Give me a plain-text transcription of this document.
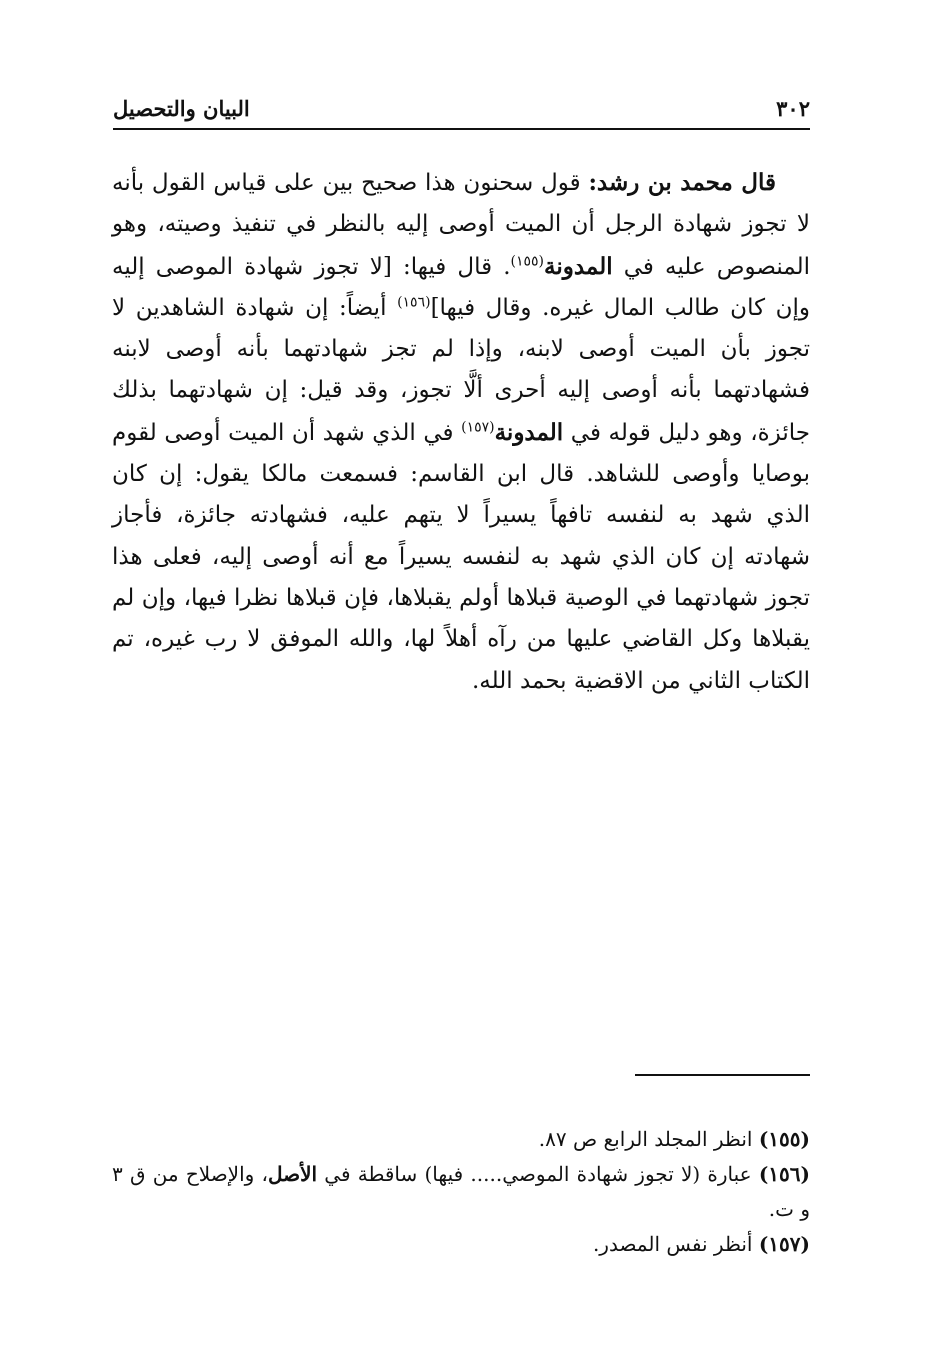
٣٠٢
البيان والتحصيل
قال محمد بن رشد: قول سحنون هذا صحيح بين على قياس القول بأنه لا تجوز شهادة الرجل أن الميت أوصى إليه بالنظر في تنفيذ وصيته، وهو المنصوص عليه في المدونة$^{(١٥٥)}$. قال فيها: [لا تجوز شهادة الموصى إليه وإن كان طالب المال غيره. وقال فيها]$^{(١٥٦)}$ أيضاً: إن شهادة الشاهدين لا تجوز بأن الميت أوصى لابنه، وإذا لم تجز شهادتهما بأنه أوصى لابنه فشهادتهما بأنه أوصى إليه أحرى ألَّا تجوز، وقد قيل: إن شهادتهما بذلك جائزة، وهو دليل قوله في المدونة$^{(١٥٧)}$ في الذي شهد أن الميت أوصى لقوم بوصايا وأوصى للشاهد. قال ابن القاسم: فسمعت مالكا يقول: إن كان الذي شهد به لنفسه تافهاً يسيراً لا يتهم عليه، فشهادته جائزة، فأجاز شهادته إن كان الذي شهد به لنفسه يسيراً مع أنه أوصى إليه، فعلى هذا تجوز شهادتهما في الوصية قبلاها أولم يقبلاها، فإن قبلاها نظرا فيها، وإن لم يقبلاها وكل القاضي عليها من رآه أهلاً لها، والله الموفق لا رب غيره، تم الكتاب الثاني من الاقضية بحمد الله.
(١٥٥) انظر المجلد الرابع ص ٨٧.
(١٥٦) عبارة (لا تجوز شهادة الموصي..... فيها) ساقطة في الأصل، والإصلاح من ق ٣ و ت.
(١٥٧) أنظر نفس المصدر.
